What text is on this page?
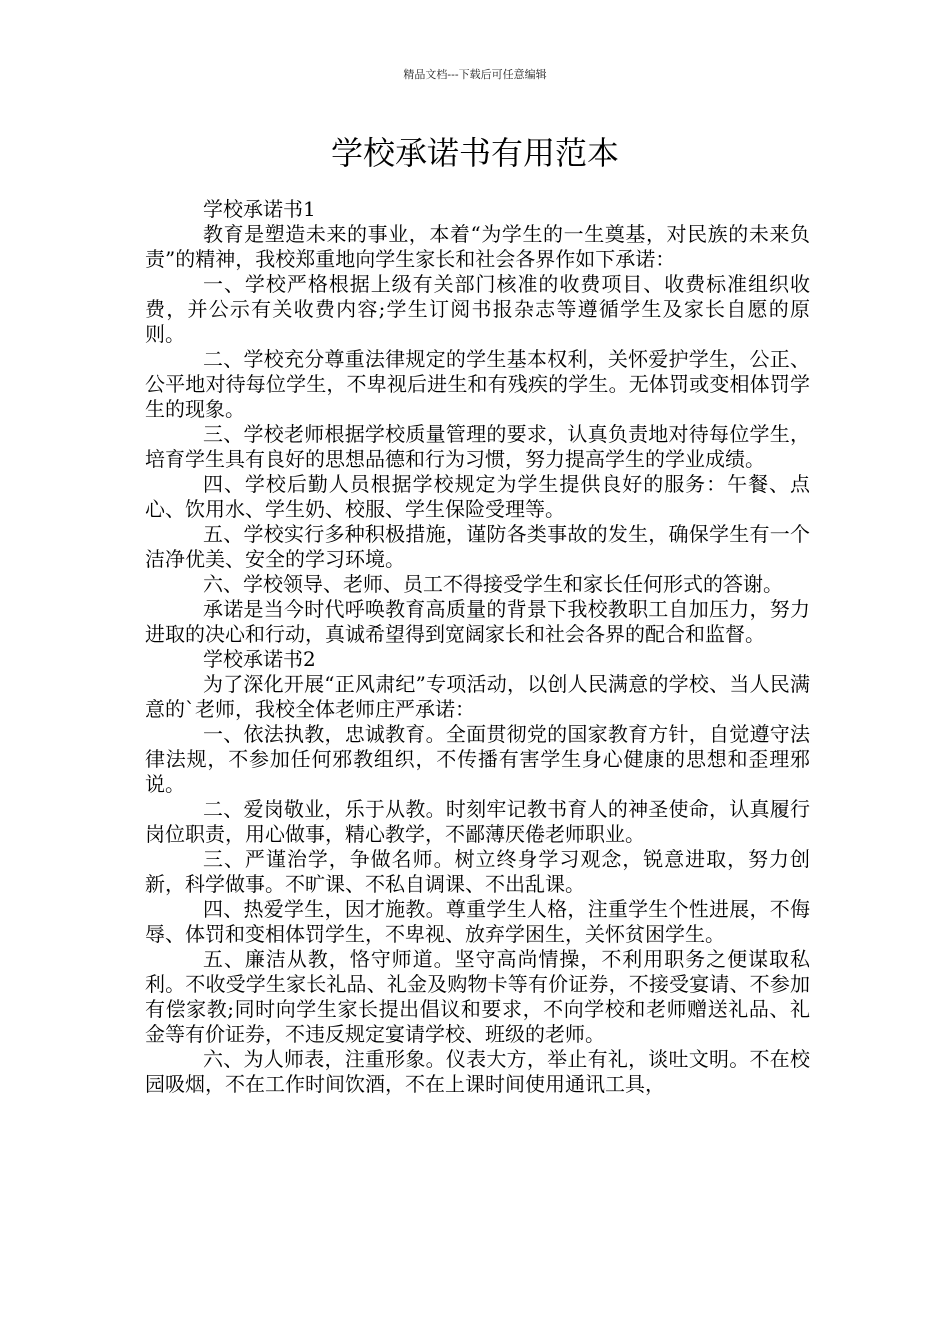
精品文档---下载后可任意编辑
学校承诺书有用范本

学校承诺书1

教育是塑造未来的事业，本着“为学生的一生奠基，对民族的未来负责”的精神，我校郑重地向学生家长和社会各界作如下承诺：

一、学校严格根据上级有关部门核准的收费项目、收费标准组织收费，并公示有关收费内容;学生订阅书报杂志等遵循学生及家长自愿的原则。

二、学校充分尊重法律规定的学生基本权利，关怀爱护学生，公正、公平地对待每位学生，不卑视后进生和有残疾的学生。无体罚或变相体罚学生的现象。

三、学校老师根据学校质量管理的要求，认真负责地对待每位学生，培育学生具有良好的思想品德和行为习惯，努力提高学生的学业成绩。

四、学校后勤人员根据学校规定为学生提供良好的服务：午餐、点心、饮用水、学生奶、校服、学生保险受理等。

五、学校实行多种积极措施，谨防各类事故的发生，确保学生有一个洁净优美、安全的学习环境。

六、学校领导、老师、员工不得接受学生和家长任何形式的答谢。

承诺是当今时代呼唤教育高质量的背景下我校教职工自加压力，努力进取的决心和行动，真诚希望得到宽阔家长和社会各界的配合和监督。

学校承诺书2

为了深化开展“正风肃纪”专项活动，以创人民满意的学校、当人民满意的`老师，我校全体老师庄严承诺：

一、依法执教，忠诚教育。全面贯彻党的国家教育方针，自觉遵守法律法规，不参加任何邪教组织，不传播有害学生身心健康的思想和歪理邪说。

二、爱岗敬业，乐于从教。时刻牢记教书育人的神圣使命，认真履行岗位职责，用心做事，精心教学，不鄙薄厌倦老师职业。

三、严谨治学，争做名师。树立终身学习观念，锐意进取，努力创新，科学做事。不旷课、不私自调课、不出乱课。

四、热爱学生，因才施教。尊重学生人格，注重学生个性进展，不侮辱、体罚和变相体罚学生，不卑视、放弃学困生，关怀贫困学生。

五、廉洁从教，恪守师道。坚守高尚情操，不利用职务之便谋取私利。不收受学生家长礼品、礼金及购物卡等有价证券，不接受宴请、不参加有偿家教;同时向学生家长提出倡议和要求，不向学校和老师赠送礼品、礼金等有价证券，不违反规定宴请学校、班级的老师。

六、为人师表，注重形象。仪表大方，举止有礼，谈吐文明。不在校园吸烟，不在工作时间饮酒，不在上课时间使用通讯工具，
